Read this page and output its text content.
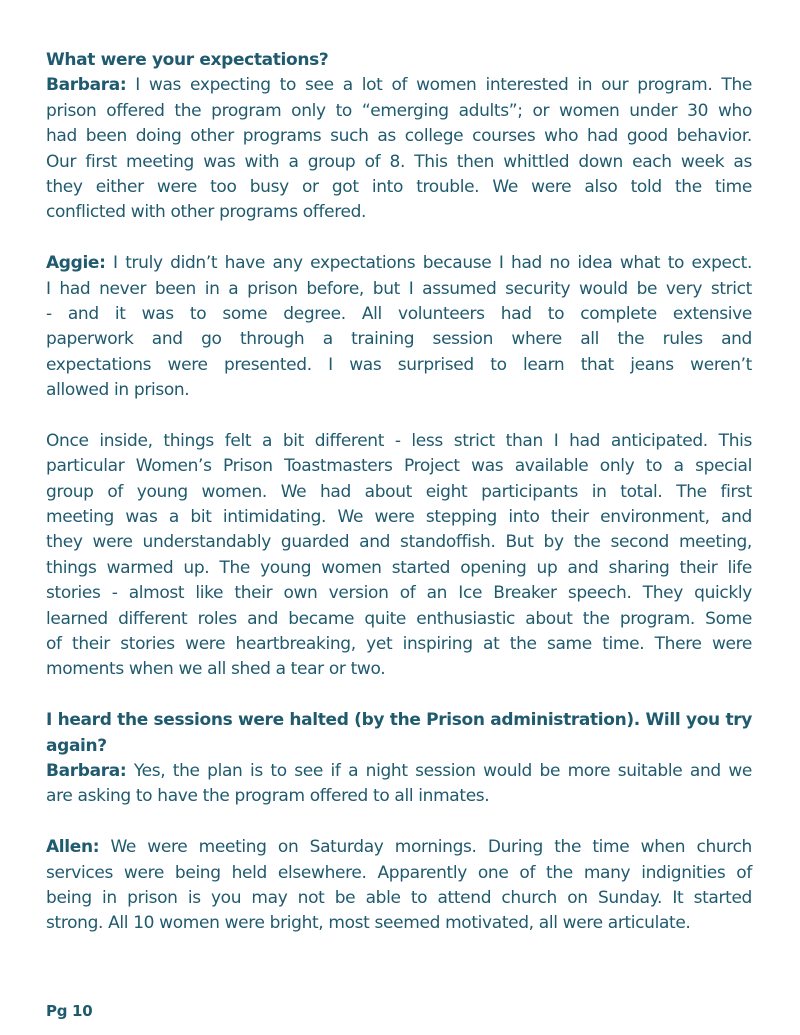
What were your expectations?
Barbara: I was expecting to see a lot of women interested in our program. The
prison offered the program only to “emerging adults”; or women under 30 who
had been doing other programs such as college courses who had good behavior.
Our first meeting was with a group of 8. This then whittled down each week as
they either were too busy or got into trouble. We were also told the time
conflicted with other programs offered.
Aggie: I truly didn’t have any expectations because I had no idea what to expect.
I had never been in a prison before, but I assumed security would be very strict
- and it was to some degree. All volunteers had to complete extensive
paperwork and go through a training session where all the rules and
expectations were presented. I was surprised to learn that jeans weren’t
allowed in prison.
Once inside, things felt a bit different - less strict than I had anticipated. This
particular Women’s Prison Toastmasters Project was available only to a special
group of young women. We had about eight participants in total. The first
meeting was a bit intimidating. We were stepping into their environment, and
they were understandably guarded and standoffish. But by the second meeting,
things warmed up. The young women started opening up and sharing their life
stories - almost like their own version of an Ice Breaker speech. They quickly
learned different roles and became quite enthusiastic about the program. Some
of their stories were heartbreaking, yet inspiring at the same time. There were
moments when we all shed a tear or two.
I heard the sessions were halted (by the Prison administration). Will you try
again?
Barbara: Yes, the plan is to see if a night session would be more suitable and we
are asking to have the program offered to all inmates.
Allen: We were meeting on Saturday mornings. During the time when church
services were being held elsewhere. Apparently one of the many indignities of
being in prison is you may not be able to attend church on Sunday. It started
strong. All 10 women were bright, most seemed motivated, all were articulate.
Pg 10
